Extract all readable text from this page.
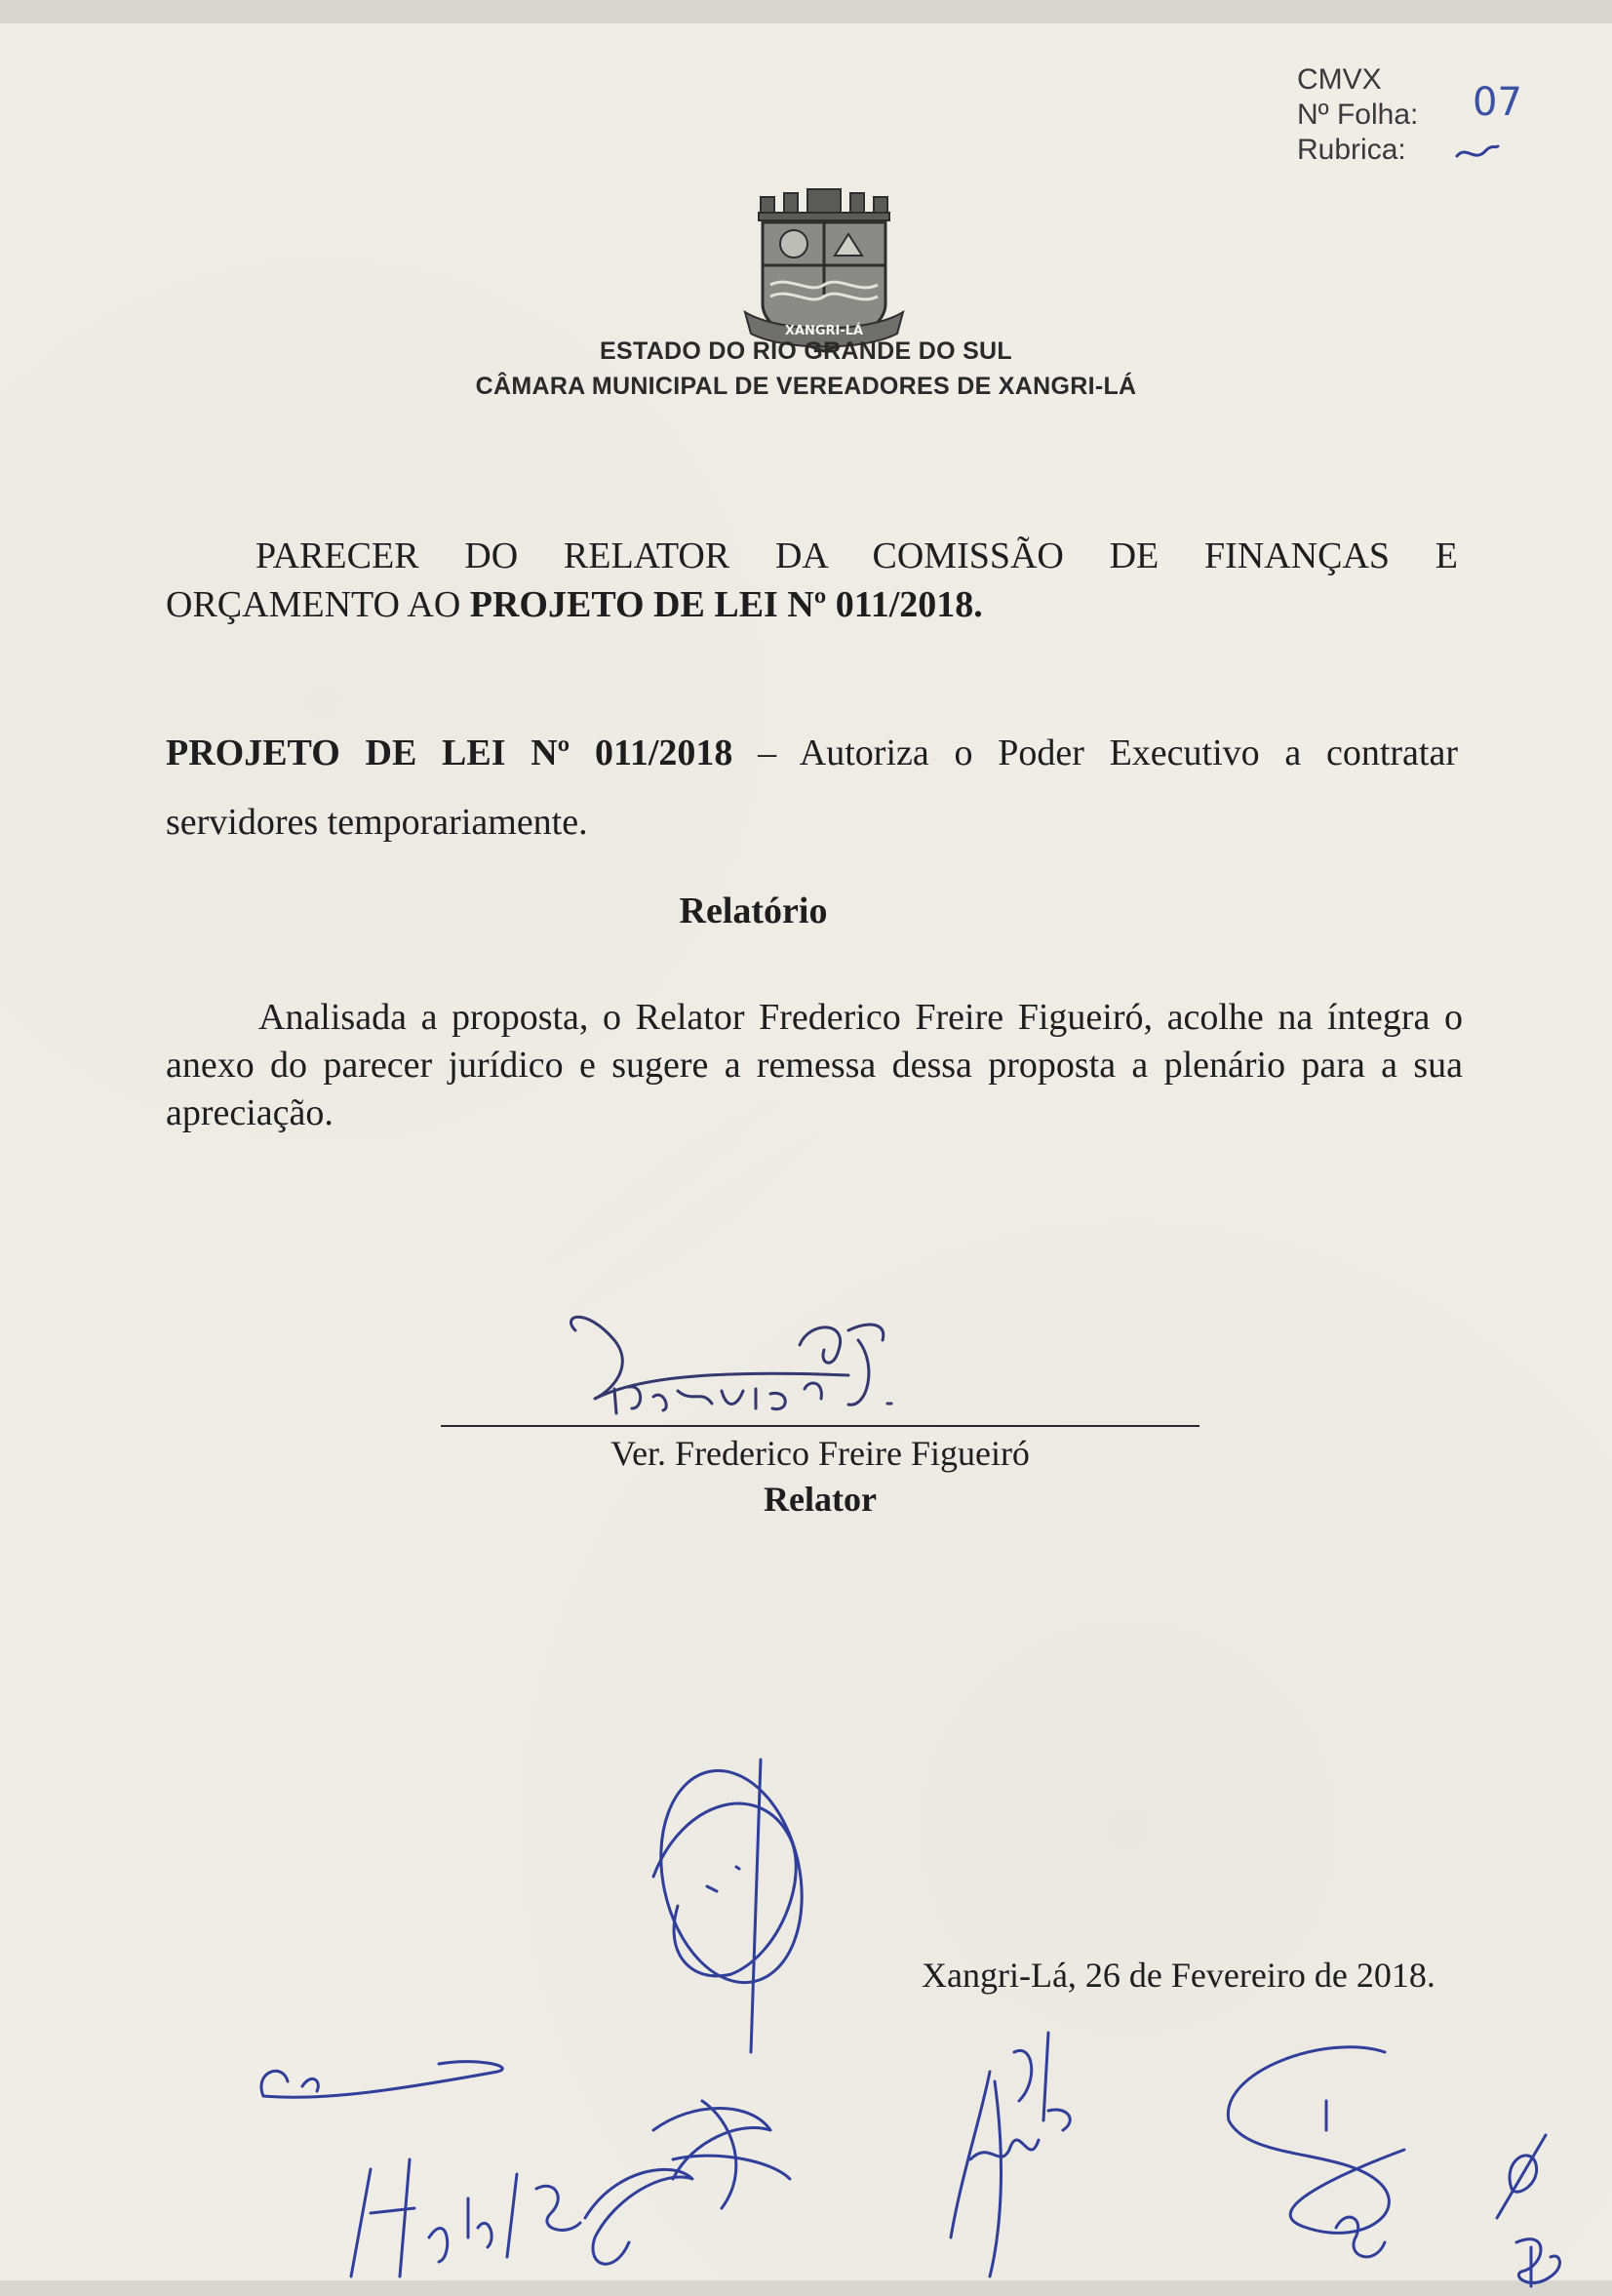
CMVX
Nº Folha:
Rubrica:
07
XANGRI-LÁ
ESTADO DO RIO GRANDE DO SUL
CÂMARA MUNICIPAL DE VEREADORES DE XANGRI-LÁ
PARECER DO RELATOR DA COMISSÃO DE FINANÇAS E
ORÇAMENTO AO PROJETO DE LEI Nº 011/2018.
PROJETO DE LEI Nº 011/2018 – Autoriza o Poder Executivo a contratar
servidores temporariamente.
Relatório
Analisada a proposta, o Relator Frederico Freire Figueiró, acolhe na íntegra o anexo do parecer jurídico e sugere a remessa dessa proposta a plenário para a sua apreciação.
Ver. Frederico Freire Figueiró
Relator
Xangri-Lá, 26 de Fevereiro de 2018.
